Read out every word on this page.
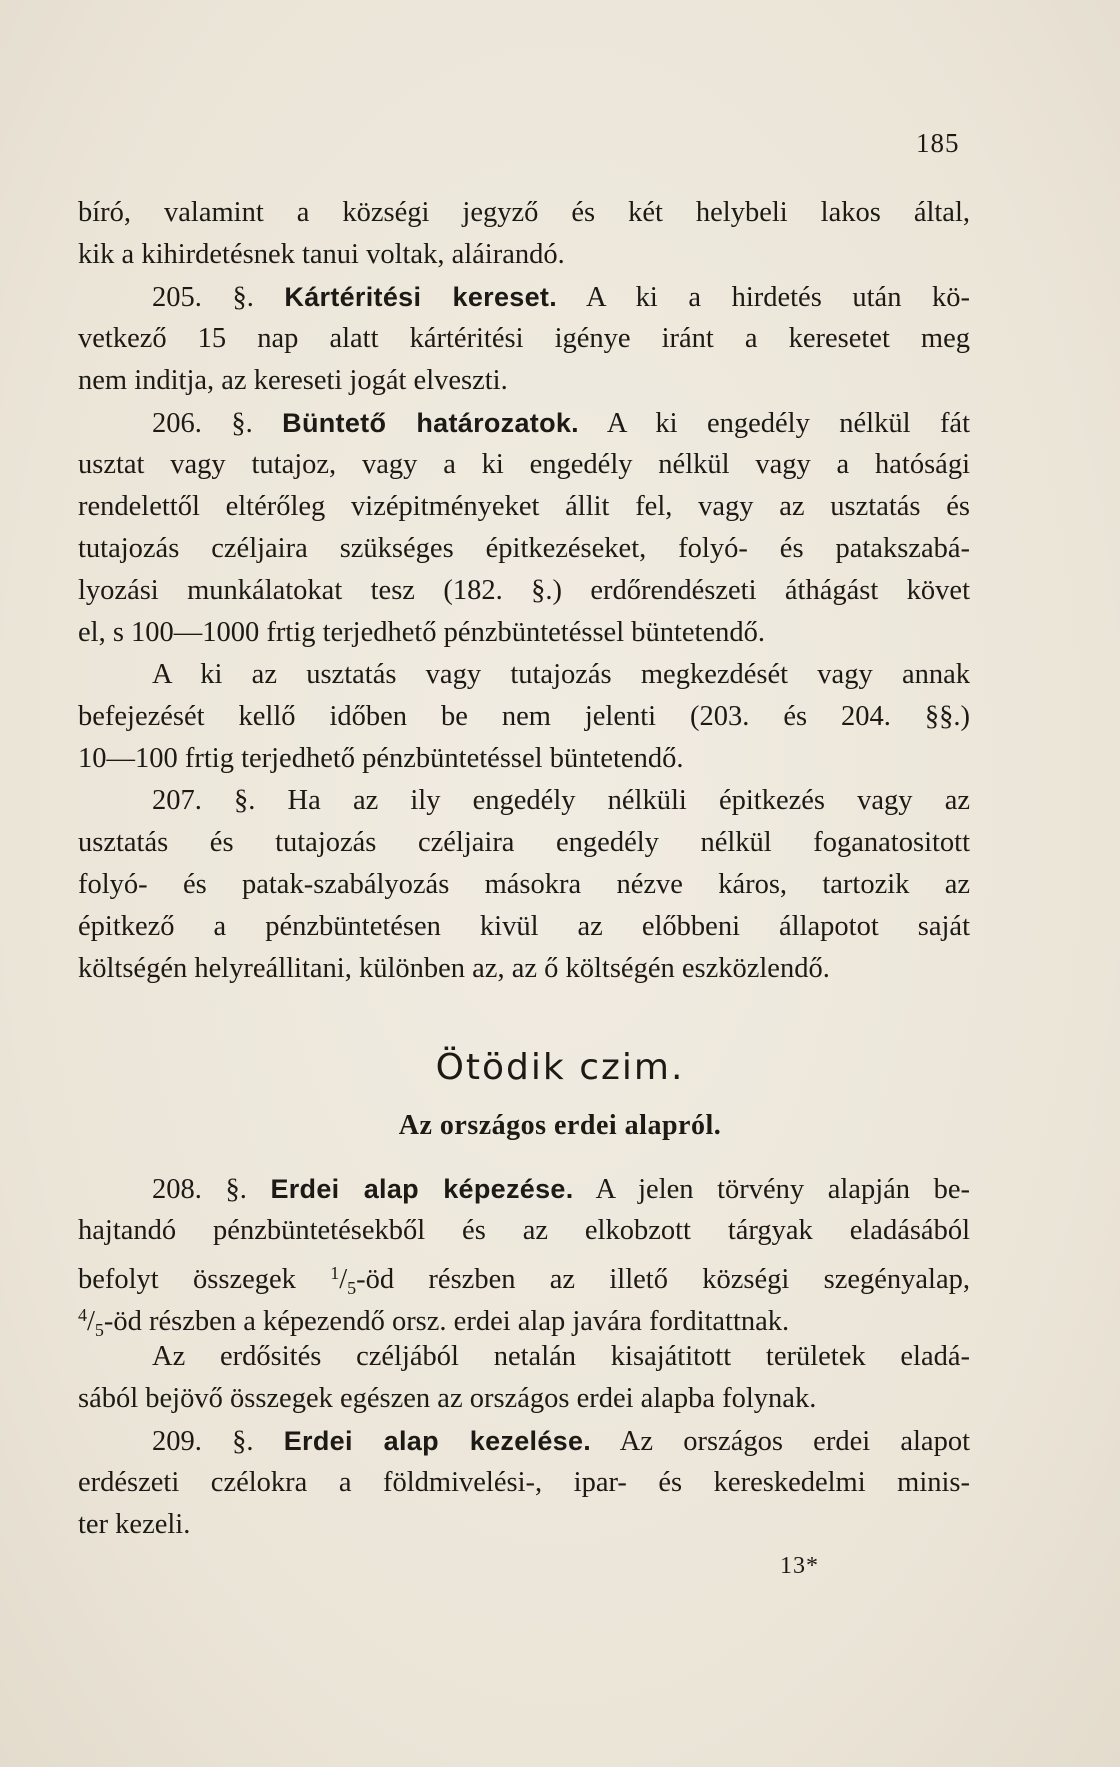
185
bíró, valamint a községi jegyző és két helybeli lakos által,
kik a kihirdetésnek tanui voltak, aláirandó.
205. §. Kártéritési kereset. A ki a hirdetés után kö-
vetkező 15 nap alatt kártéritési igénye iránt a keresetet meg
nem inditja, az kereseti jogát elveszti.
206. §. Büntető határozatok. A ki engedély nélkül fát
usztat vagy tutajoz, vagy a ki engedély nélkül vagy a hatósági
rendelettől eltérőleg vizépitményeket állit fel, vagy az usztatás és
tutajozás czéljaira szükséges épitkezéseket, folyó- és patakszabá-
lyozási munkálatokat tesz (182. §.) erdőrendészeti áthágást követ
el, s 100—1000 frtig terjedhető pénzbüntetéssel büntetendő.
A ki az usztatás vagy tutajozás megkezdését vagy annak
befejezését kellő időben be nem jelenti (203. és 204. §§.)
10—100 frtig terjedhető pénzbüntetéssel büntetendő.
207. §. Ha az ily engedély nélküli épitkezés vagy az
usztatás és tutajozás czéljaira engedély nélkül foganatositott
folyó- és patak-szabályozás másokra nézve káros, tartozik az
épitkező a pénzbüntetésen kivül az előbbeni állapotot saját
költségén helyreállitani, különben az, az ő költségén eszközlendő.
Ötödik czim.
Az országos erdei alapról.
208. §. Erdei alap képezése. A jelen törvény alapján be-
hajtandó pénzbüntetésekből és az elkobzott tárgyak eladásából
befolyt összegek $^1/_5-öd$ részben az illető községi szegényalap,
$^4/_5-öd$ részben a képezendő orsz. erdei alap javára forditattnak.
Az erdősités czéljából netalán kisajátitott területek eladá-
sából bejövő összegek egészen az országos erdei alapba folynak.
209. §. Erdei alap kezelése. Az országos erdei alapot
erdészeti czélokra a földmivelési-, ipar- és kereskedelmi minis-
ter kezeli.
13*
